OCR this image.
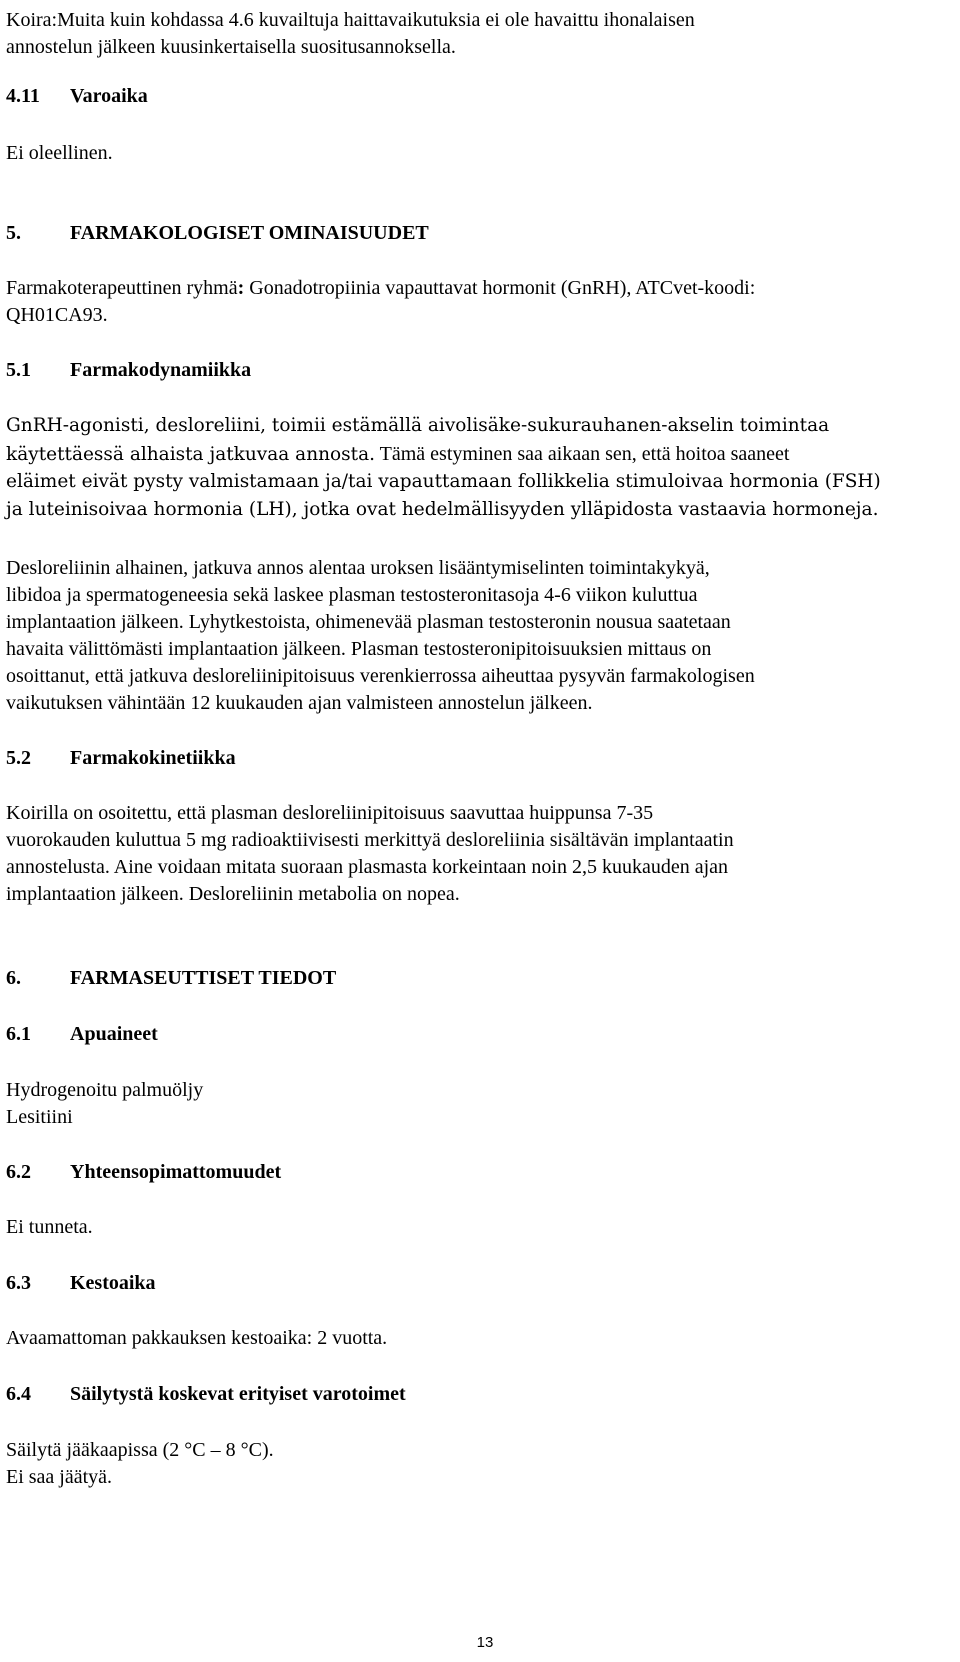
Koira:Muita kuin kohdassa 4.6 kuvailtuja haittavaikutuksia ei ole havaittu ihonalaisen

annostelun jälkeen kuusinkertaisella suositusannoksella.

4.11 Varoaika

Ei oleellinen.

5. FARMAKOLOGISET OMINAISUUDET

Farmakoterapeuttinen ryhmä: Gonadotropiinia vapauttavat hormonit (GnRH), ATCvet-koodi:

QH01CA93.

5.1 Farmakodynamiikka

GnRH-agonisti, desloreliini, toimii estämällä aivolisäke-sukurauhanen-akselin toimintaa

käytettäessä alhaista jatkuvaa annosta. Tämä estyminen saa aikaan sen, että hoitoa saaneet

eläimet eivät pysty valmistamaan ja/tai vapauttamaan follikkelia stimuloivaa hormonia (FSH)

ja luteinisoivaa hormonia (LH), jotka ovat hedelmällisyyden ylläpidosta vastaavia hormoneja.

Desloreliinin alhainen, jatkuva annos alentaa uroksen lisääntymiselinten toimintakykyä,

libidoa ja spermatogeneesia sekä laskee plasman testosteronitasoja 4-6 viikon kuluttua

implantaation jälkeen. Lyhytkestoista, ohimenevää plasman testosteronin nousua saatetaan

havaita välittömästi implantaation jälkeen. Plasman testosteronipitoisuuksien mittaus on

osoittanut, että jatkuva desloreliinipitoisuus verenkierrossa aiheuttaa pysyvän farmakologisen

vaikutuksen vähintään 12 kuukauden ajan valmisteen annostelun jälkeen.

5.2 Farmakokinetiikka

Koirilla on osoitettu, että plasman desloreliinipitoisuus saavuttaa huippunsa 7-35

vuorokauden kuluttua 5 mg radioaktiivisesti merkittyä desloreliinia sisältävän implantaatin

annostelusta. Aine voidaan mitata suoraan plasmasta korkeintaan noin 2,5 kuukauden ajan

implantaation jälkeen. Desloreliinin metabolia on nopea.

6. FARMASEUTTISET TIEDOT

6.1 Apuaineet

Hydrogenoitu palmuöljy

Lesitiini

6.2 Yhteensopimattomuudet

Ei tunneta.

6.3 Kestoaika

Avaamattoman pakkauksen kestoaika: 2 vuotta.

6.4 Säilytystä koskevat erityiset varotoimet

Säilytä jääkaapissa (2 °C – 8 °C).

Ei saa jäätyä.

13
